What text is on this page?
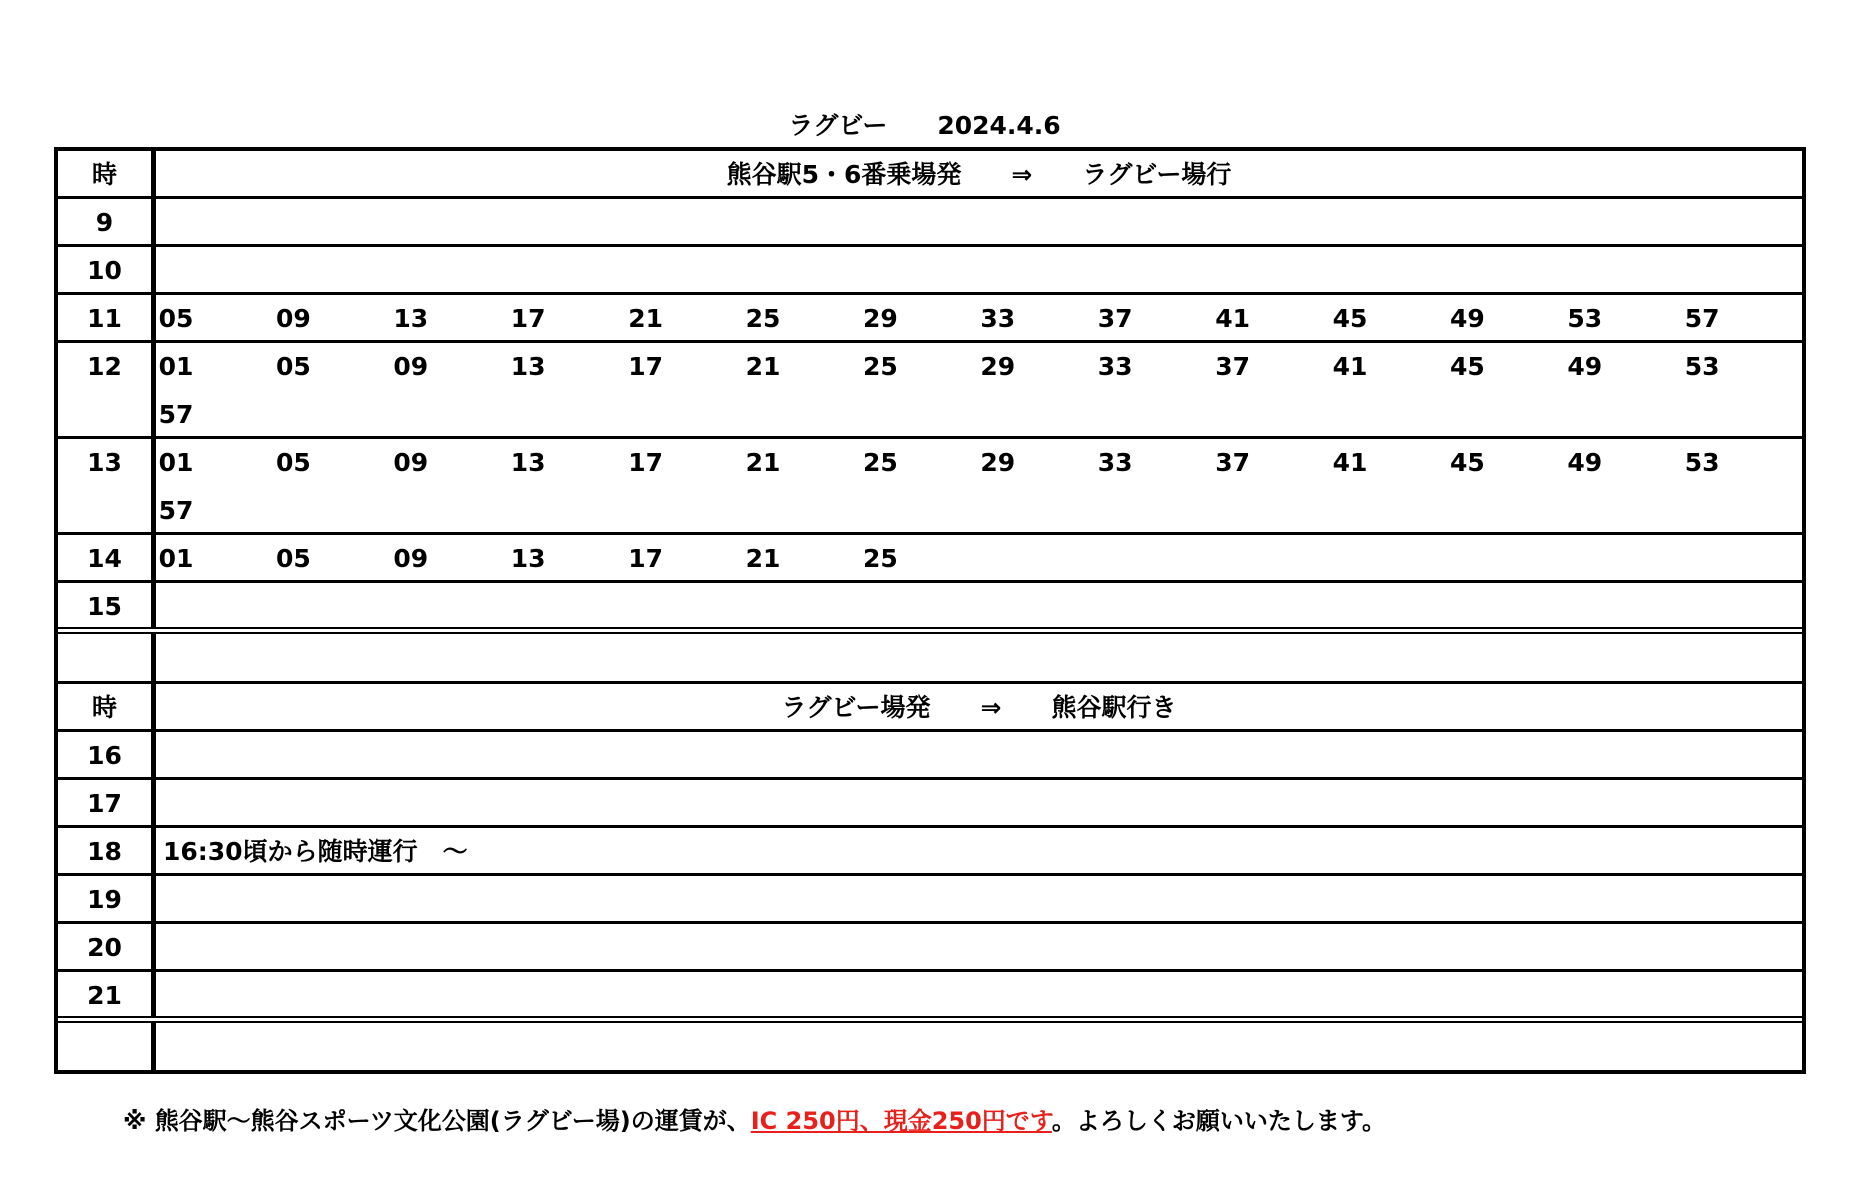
ラグビー　　2024.4.6
時	熊谷駅5・6番乗場発　　⇒　　ラグビー場行
9
10
11	05	09	13	17	21	25	29	33	37	41	45	49	53	57
12	01	05	09	13	17	21	25	29	33	37	41	45	49	53
57
13	01	05	09	13	17	21	25	29	33	37	41	45	49	53
57
14	01	05	09	13	17	21	25
15
時	ラグビー場発　　⇒　　熊谷駅行き
16
17
18	16:30頃から随時運行　～
19
20
21
※ 熊谷駅～熊谷スポーツ文化公園(ラグビー場)の運賃が、IC 250円、現金250円です。よろしくお願いいたします。
